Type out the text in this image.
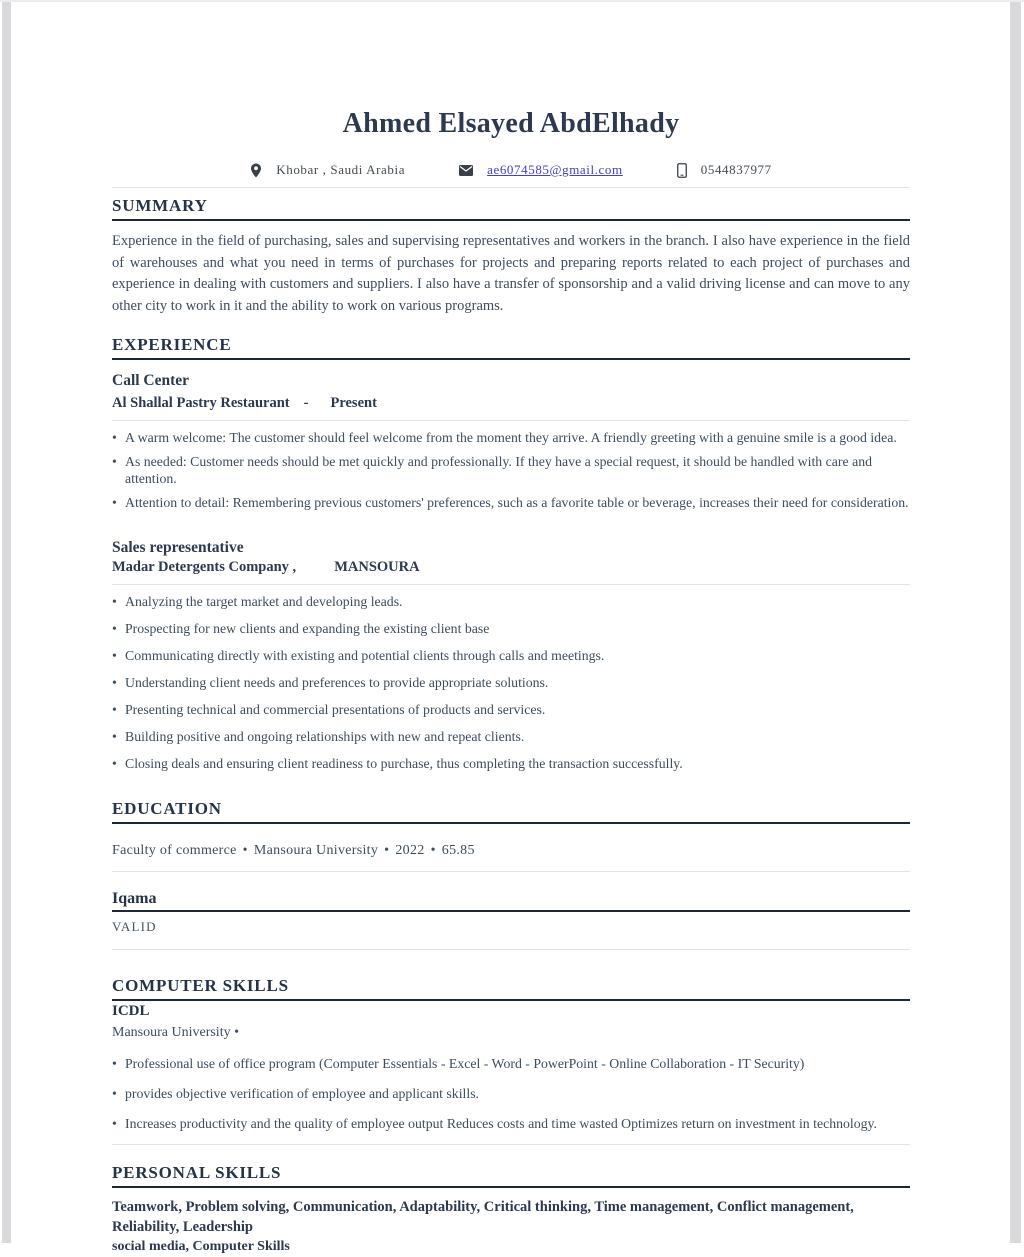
Ahmed Elsayed AbdElhady
Khobar , Saudi Arabia	ae6074585@gmail.com	0544837977
SUMMARY

Experience in the field of purchasing, sales and supervising representatives and workers in the branch. I also have experience in the field of warehouses and what you need in terms of purchases for projects and preparing reports related to each project of purchases and experience in dealing with customers and suppliers. I also have a transfer of sponsorship and a valid driving license and can move to any other city to work in it and the ability to work on various programs.

EXPERIENCE
Call Center
Al Shallal Pastry Restaurant - Present
• A warm welcome: The customer should feel welcome from the moment they arrive. A friendly greeting with a genuine smile is a good idea.
• As needed: Customer needs should be met quickly and professionally. If they have a special request, it should be handled with care and attention.
• Attention to detail: Remembering previous customers' preferences, such as a favorite table or beverage, increases their need for consideration.
Sales representative
Madar Detergents Company ,	MANSOURA
• Analyzing the target market and developing leads.
• Prospecting for new clients and expanding the existing client base
• Communicating directly with existing and potential clients through calls and meetings.
• Understanding client needs and preferences to provide appropriate solutions.
• Presenting technical and commercial presentations of products and services.
• Building positive and ongoing relationships with new and repeat clients.
• Closing deals and ensuring client readiness to purchase, thus completing the transaction successfully.
EDUCATION
Faculty of commerce • Mansoura University • 2022 • 65.85
Iqama
VALID
COMPUTER SKILLS
ICDL
Mansoura University •
• Professional use of office program (Computer Essentials - Excel - Word - PowerPoint - Online Collaboration - IT Security)
• provides objective verification of employee and applicant skills.
• Increases productivity and the quality of employee output Reduces costs and time wasted Optimizes return on investment in technology.
PERSONAL SKILLS
Teamwork, Problem solving, Communication, Adaptability, Critical thinking, Time management, Conflict management, Reliability, Leadership
social media, Computer Skills
